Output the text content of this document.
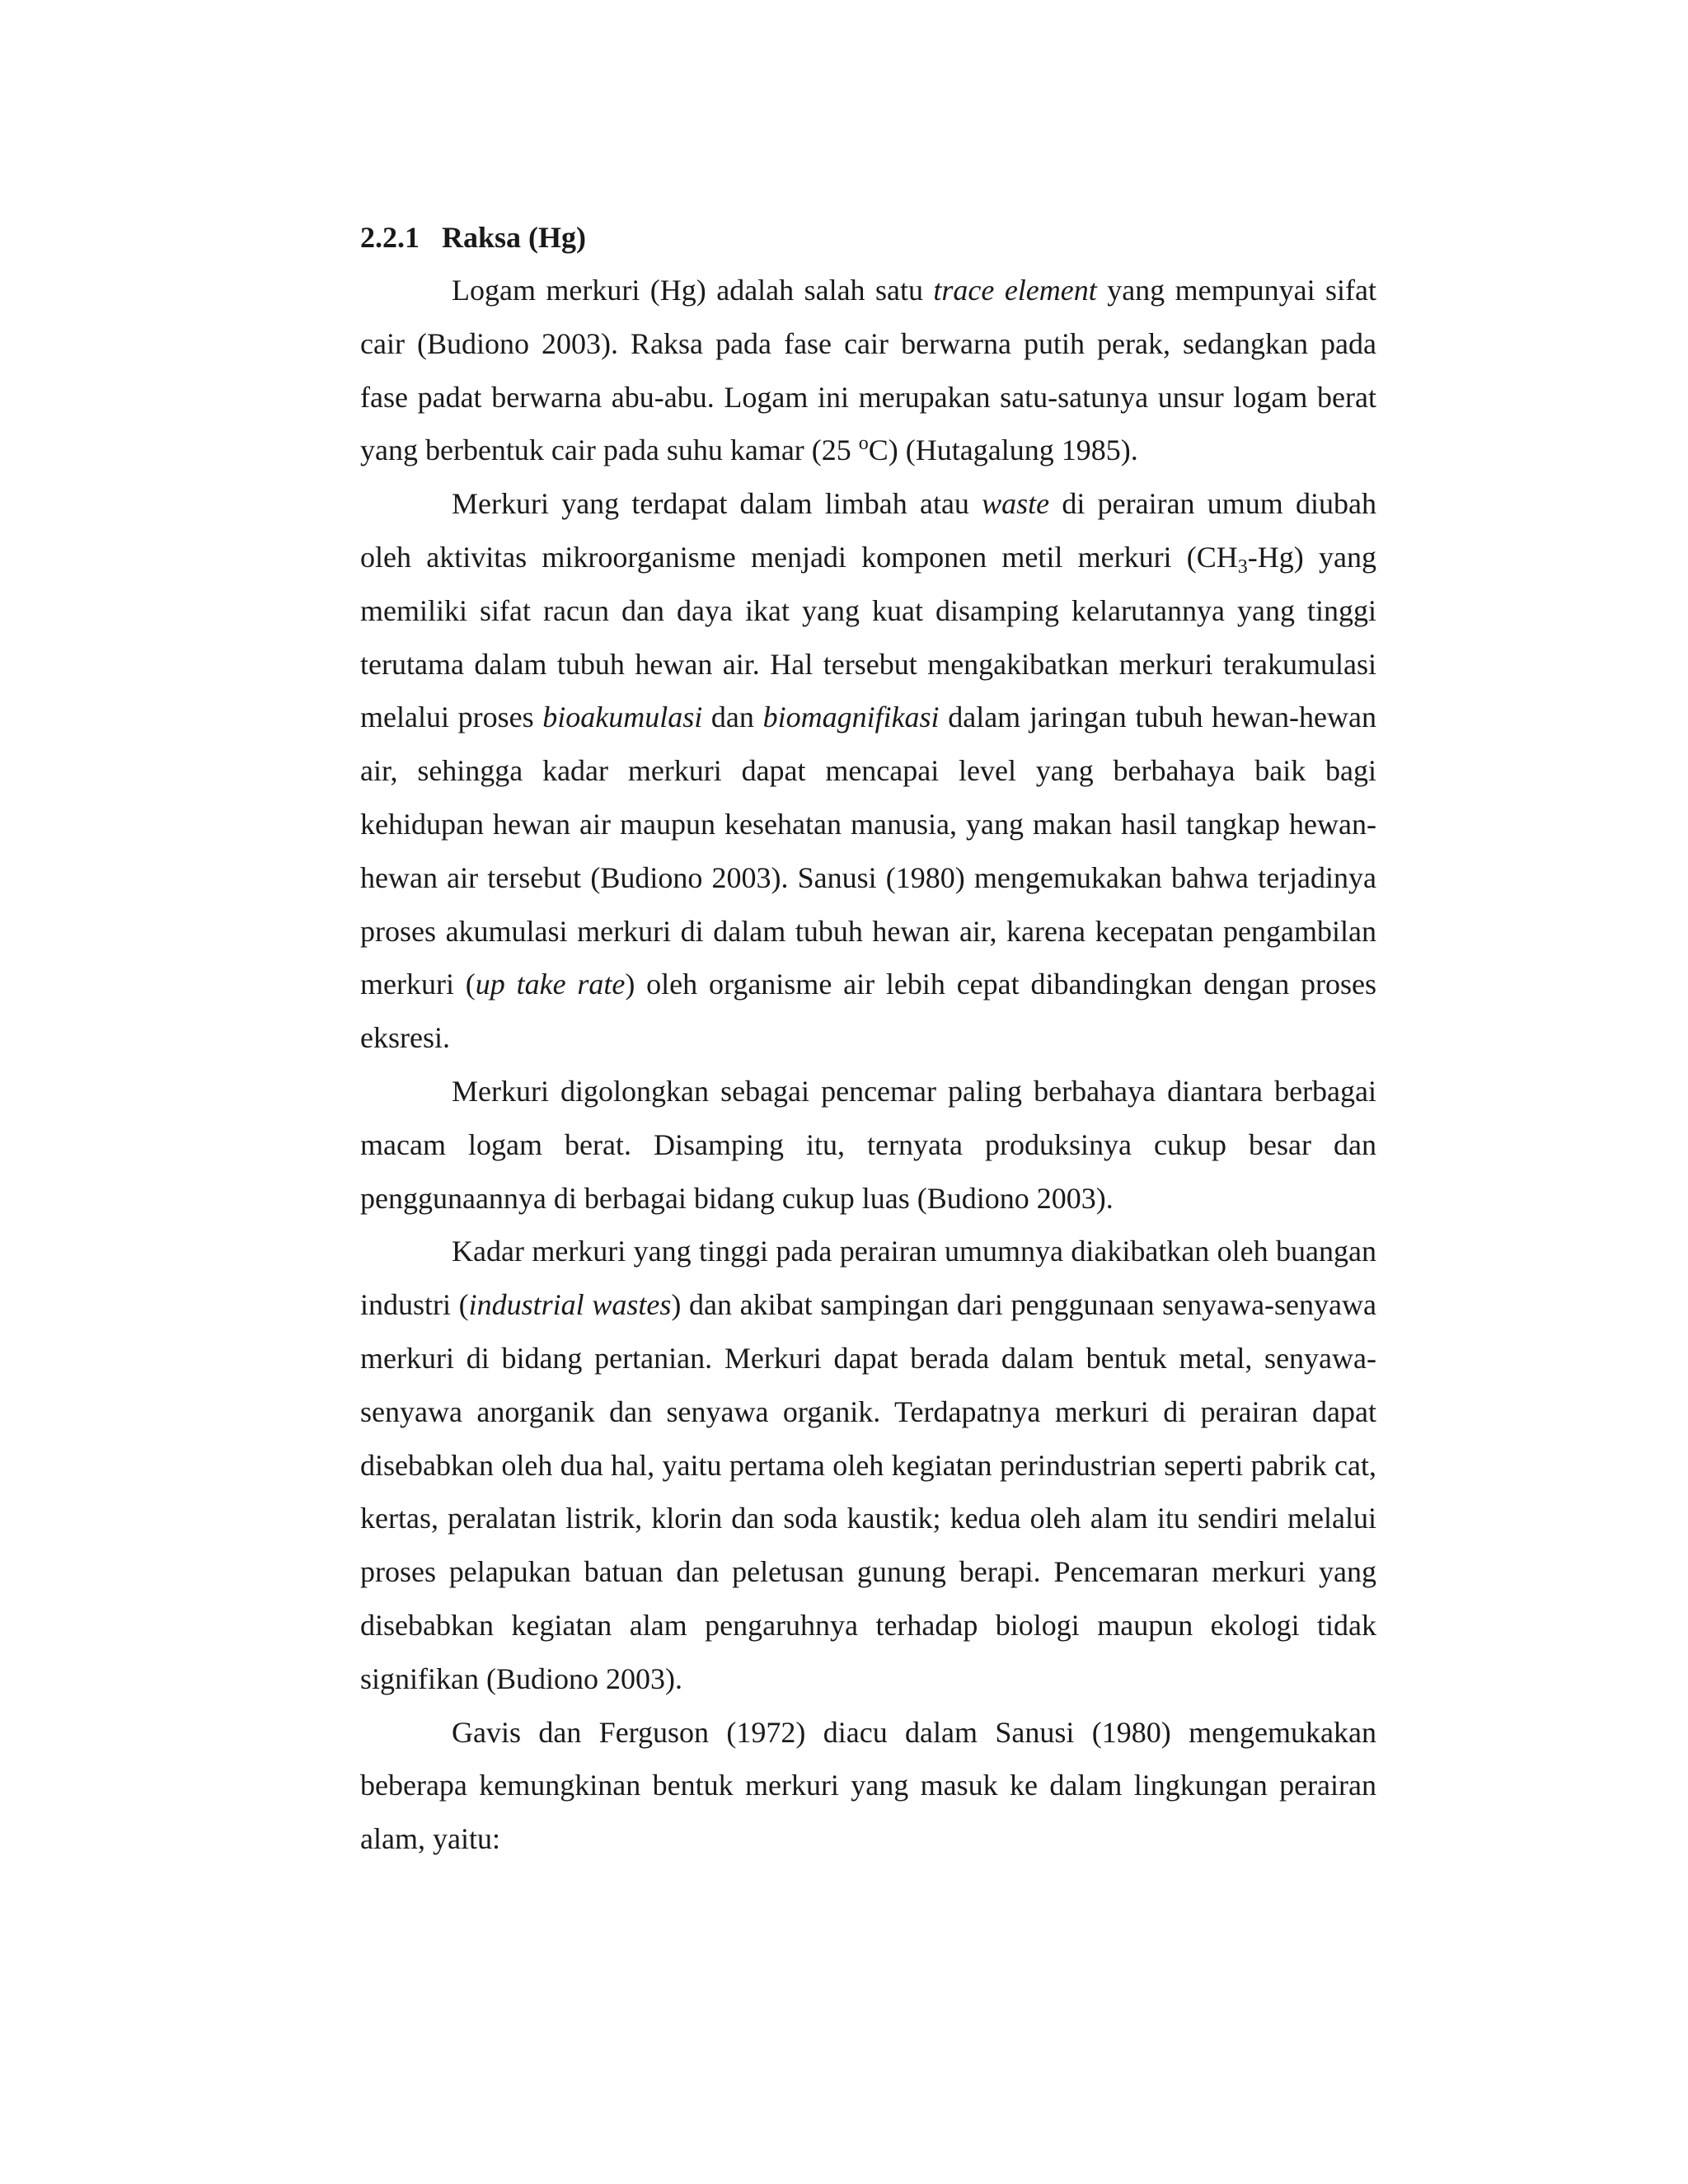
2.2.1 Raksa (Hg)

Logam merkuri (Hg) adalah salah satu trace element yang mempunyai sifat cair (Budiono 2003). Raksa pada fase cair berwarna putih perak, sedangkan pada fase padat berwarna abu-abu. Logam ini merupakan satu-satunya unsur logam berat yang berbentuk cair pada suhu kamar (25 $^o$C) (Hutagalung 1985).

Merkuri yang terdapat dalam limbah atau waste di perairan umum diubah oleh aktivitas mikroorganisme menjadi komponen metil merkuri $(CH_3-Hg)$ yang memiliki sifat racun dan daya ikat yang kuat disamping kelarutannya yang tinggi terutama dalam tubuh hewan air. Hal tersebut mengakibatkan merkuri terakumulasi melalui proses bioakumulasi dan biomagnifikasi dalam jaringan tubuh hewan-hewan air, sehingga kadar merkuri dapat mencapai level yang berbahaya baik bagi kehidupan hewan air maupun kesehatan manusia, yang makan hasil tangkap hewan-hewan air tersebut (Budiono 2003). Sanusi (1980) mengemukakan bahwa terjadinya proses akumulasi merkuri di dalam tubuh hewan air, karena kecepatan pengambilan merkuri (up take rate) oleh organisme air lebih cepat dibandingkan dengan proses eksresi.

Merkuri digolongkan sebagai pencemar paling berbahaya diantara berbagai macam logam berat. Disamping itu, ternyata produksinya cukup besar dan penggunaannya di berbagai bidang cukup luas (Budiono 2003).

Kadar merkuri yang tinggi pada perairan umumnya diakibatkan oleh buangan industri (industrial wastes) dan akibat sampingan dari penggunaan senyawa-senyawa merkuri di bidang pertanian. Merkuri dapat berada dalam bentuk metal, senyawa-senyawa anorganik dan senyawa organik. Terdapatnya merkuri di perairan dapat disebabkan oleh dua hal, yaitu pertama oleh kegiatan perindustrian seperti pabrik cat, kertas, peralatan listrik, klorin dan soda kaustik; kedua oleh alam itu sendiri melalui proses pelapukan batuan dan peletusan gunung berapi. Pencemaran merkuri yang disebabkan kegiatan alam pengaruhnya terhadap biologi maupun ekologi tidak signifikan (Budiono 2003).

Gavis dan Ferguson (1972) diacu dalam Sanusi (1980) mengemukakan beberapa kemungkinan bentuk merkuri yang masuk ke dalam lingkungan perairan alam, yaitu:
